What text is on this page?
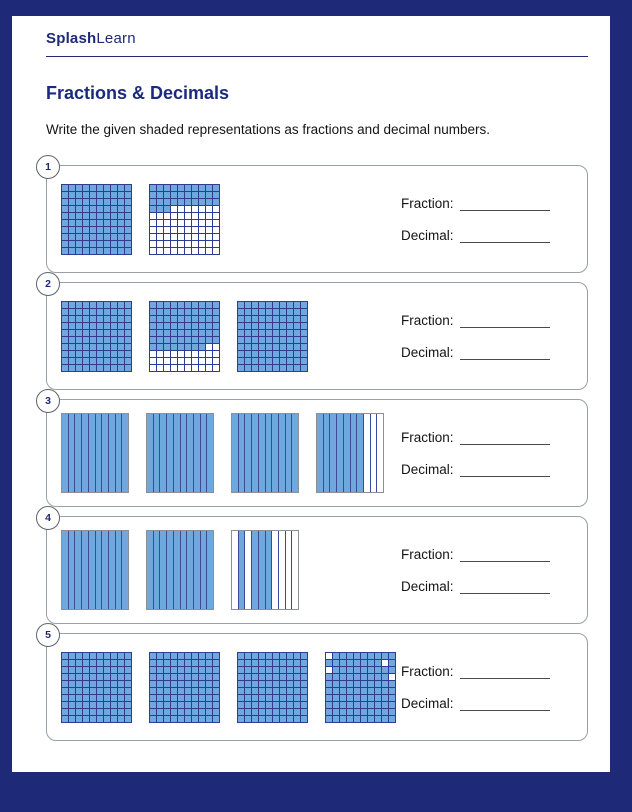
SplashLearn
Fractions & Decimals

Write the given shaded representations as fractions and decimal numbers.

1
Fraction:
Decimal:
2
Fraction:
Decimal:
3
Fraction:
Decimal:
4
Fraction:
Decimal:
5
Fraction:
Decimal:
